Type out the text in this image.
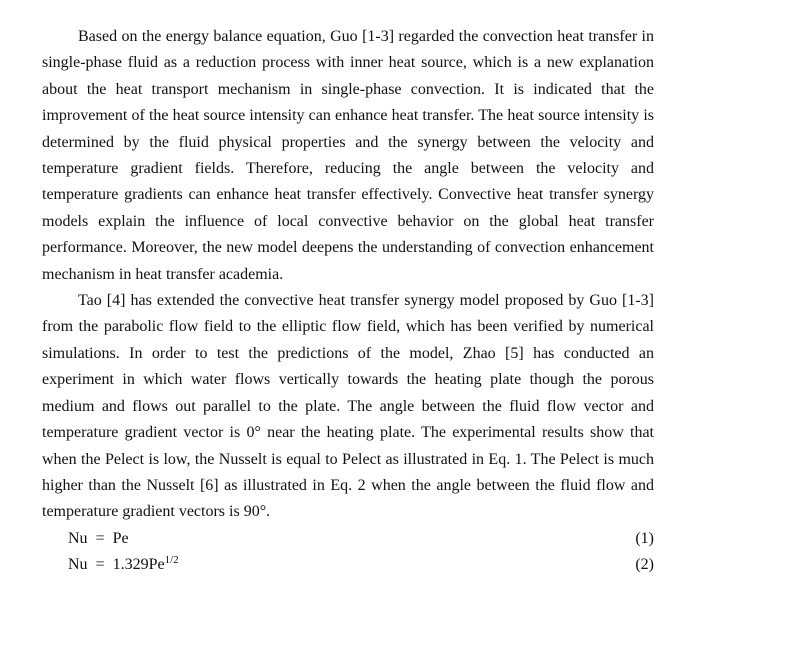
Based on the energy balance equation, Guo [1-3] regarded the convection heat transfer in single-phase fluid as a reduction process with inner heat source, which is a new explanation about the heat transport mechanism in single-phase convection. It is indicated that the improvement of the heat source intensity can enhance heat transfer. The heat source intensity is determined by the fluid physical properties and the synergy between the velocity and temperature gradient fields. Therefore, reducing the angle between the velocity and temperature gradients can enhance heat transfer effectively. Convective heat transfer synergy models explain the influence of local convective behavior on the global heat transfer performance. Moreover, the new model deepens the understanding of convection enhancement mechanism in heat transfer academia.

Tao [4] has extended the convective heat transfer synergy model proposed by Guo [1-3] from the parabolic flow field to the elliptic flow field, which has been verified by numerical simulations. In order to test the predictions of the model, Zhao [5] has conducted an experiment in which water flows vertically towards the heating plate though the porous medium and flows out parallel to the plate. The angle between the fluid flow vector and temperature gradient vector is 0° near the heating plate. The experimental results show that when the Pelect is low, the Nusselt is equal to Pelect as illustrated in Eq. 1. The Pelect is much higher than the Nusselt [6] as illustrated in Eq. 2 when the angle between the fluid flow and temperature gradient vectors is 90°.

Nu = Pe	(1)
$Nu = 1.329Pe^{1/2}$	(2)
